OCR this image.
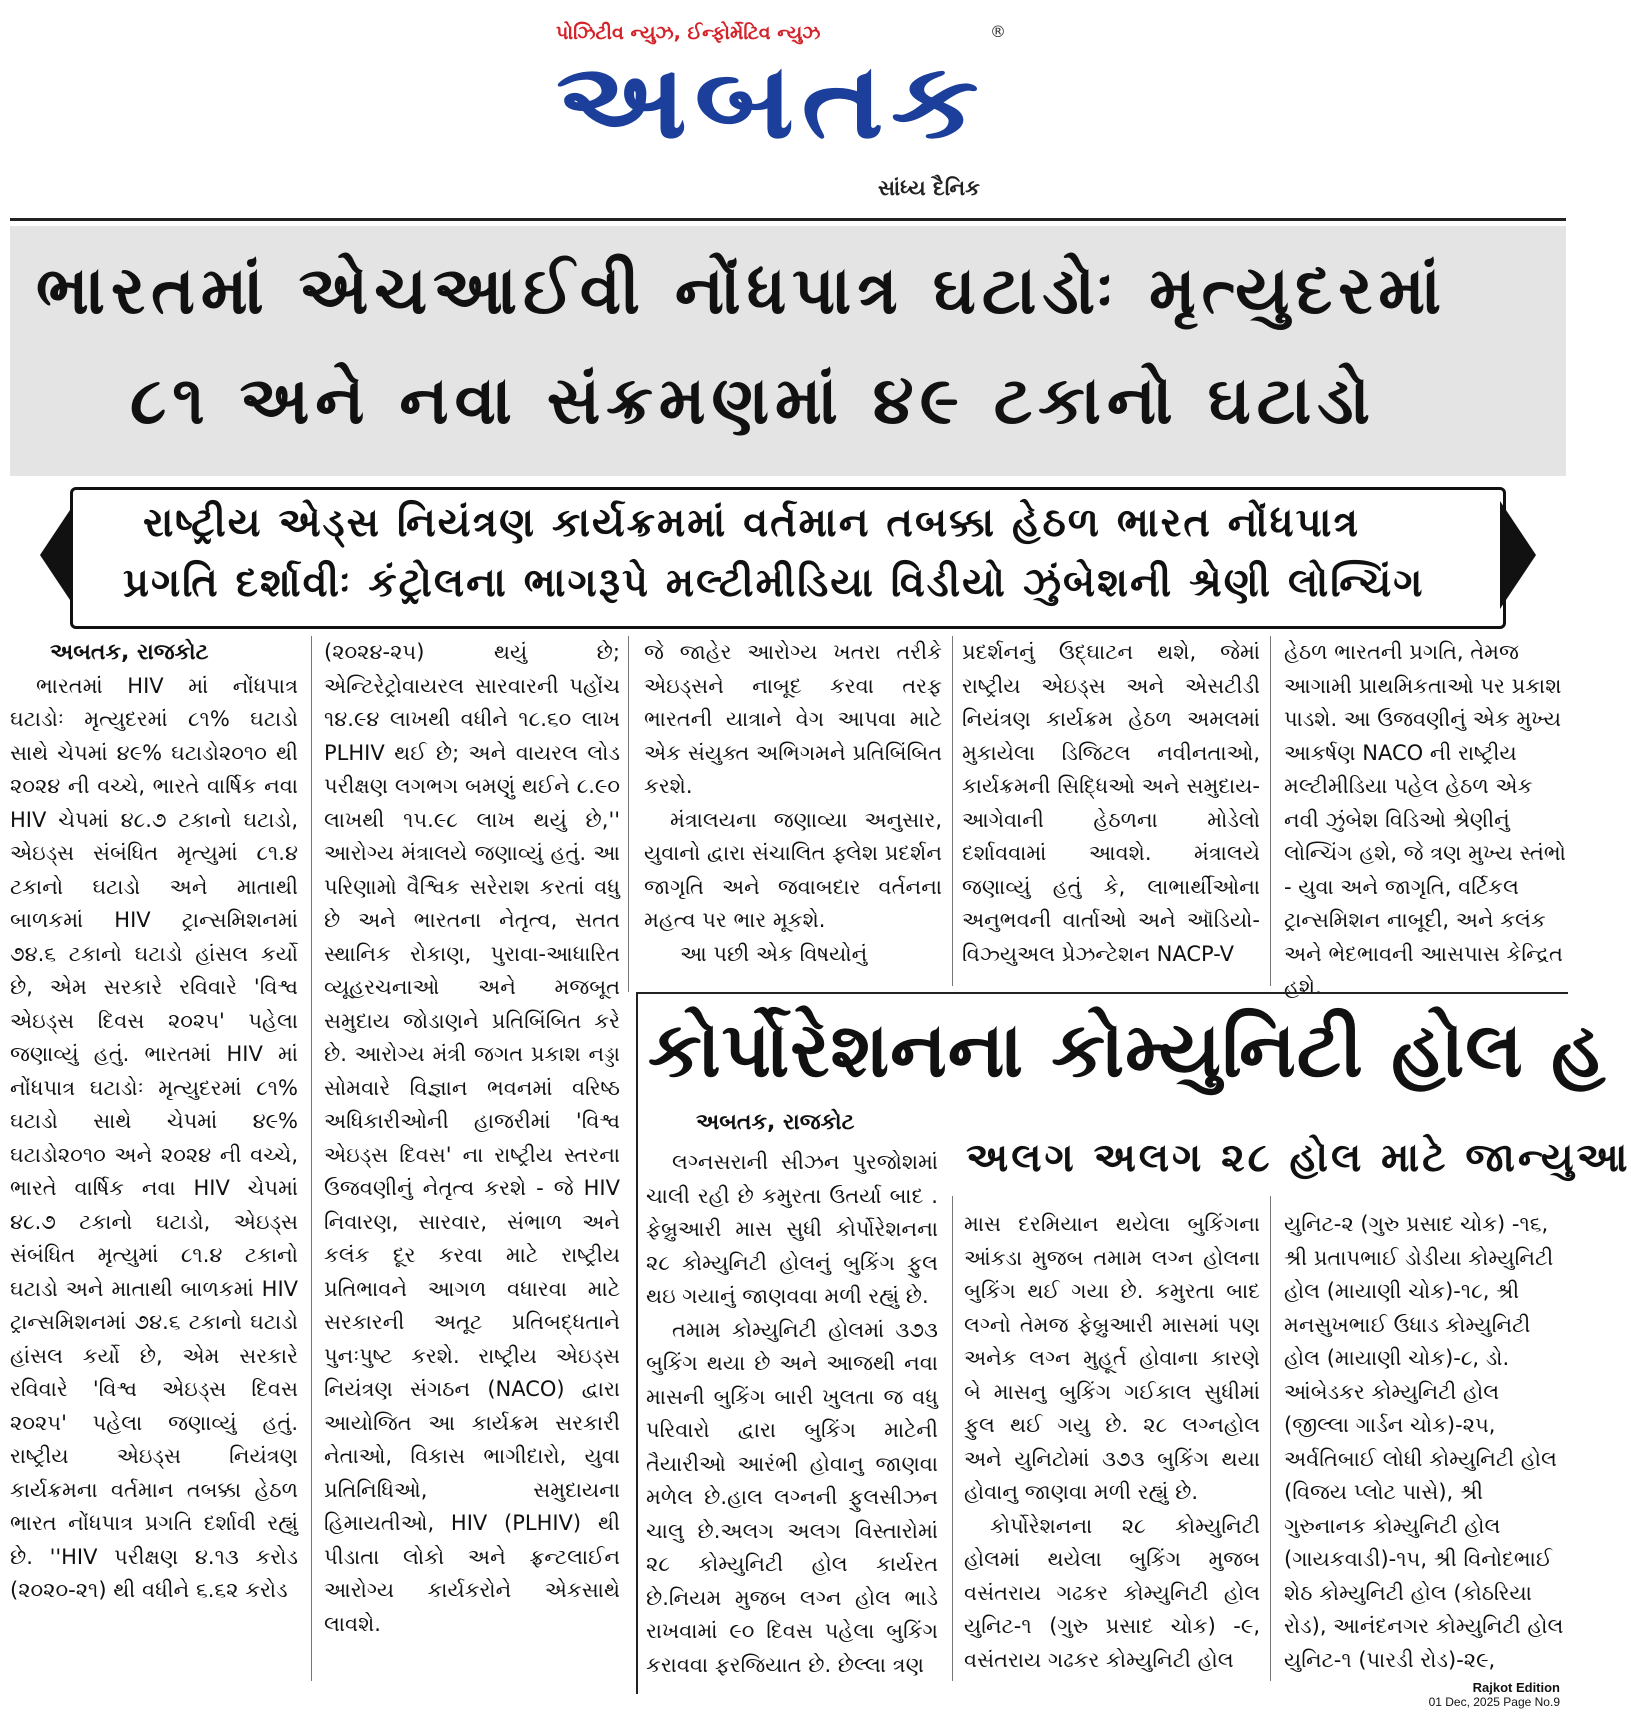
પોઝિટીવ ન્યુઝ, ઈન્ફોર્મેટિવ ન્યુઝ
અબતક
®
સાંધ્ય દૈનિક
ભારતમાં એચઆઈવી નોંધપાત્ર ઘટાડોઃ મૃત્યુદરમાં
૮૧ અને નવા સંક્રમણમાં ૪૯ ટકાનો ઘટાડો
રાષ્ટ્રીય એડ્સ નિયંત્રણ કાર્યક્રમમાં વર્તમાન તબક્કા હેઠળ ભારત નોંધપાત્ર
પ્રગતિ દર્શાવીઃ કંટ્રોલના ભાગરૂપે મલ્ટીમીડિયા વિડીયો ઝુંબેશની શ્રેણી લોન્ચિંગ
અબતક, રાજકોટ

ભારતમાં HIV માં નોંધપાત્ર ઘટાડોઃ મૃત્યુદરમાં ૮૧% ઘટાડો સાથે ચેપમાં ૪૯% ઘટાડો૨૦૧૦ થી ૨૦૨૪ ની વચ્ચે, ભારતે વાર્ષિક નવા HIV ચેપમાં ૪૮.૭ ટકાનો ઘટાડો, એઇડ્સ સંબંધિત મૃત્યુમાં ૮૧.૪ ટકાનો ઘટાડો અને માતાથી બાળકમાં HIV ટ્રાન્સમિશનમાં ૭૪.૬ ટકાનો ઘટાડો હાંસલ કર્યો છે, એમ સરકારે રવિવારે 'વિશ્વ એઇડ્સ દિવસ ૨૦૨૫' પહેલા જણાવ્યું હતું. ભારતમાં HIV માં નોંધપાત્ર ઘટાડોઃ મૃત્યુદરમાં ૮૧% ઘટાડો સાથે ચેપમાં ૪૯% ઘટાડો૨૦૧૦ અને ૨૦૨૪ ની વચ્ચે, ભારતે વાર્ષિક નવા HIV ચેપમાં ૪૮.૭ ટકાનો ઘટાડો, એઇડ્સ સંબંધિત મૃત્યુમાં ૮૧.૪ ટકાનો ઘટાડો અને માતાથી બાળકમાં HIV ટ્રાન્સમિશનમાં ૭૪.૬ ટકાનો ઘટાડો હાંસલ કર્યો છે, એમ સરકારે રવિવારે 'વિશ્વ એઇડ્સ દિવસ ૨૦૨૫' પહેલા જણાવ્યું હતું. રાષ્ટ્રીય એઇડ્સ નિયંત્રણ કાર્યક્રમના વર્તમાન તબક્કા હેઠળ ભારત નોંધપાત્ર પ્રગતિ દર્શાવી રહ્યું છે. ''HIV પરીક્ષણ ૪.૧૩ કરોડ (૨૦૨૦-૨૧) થી વધીને ૬.૬૨ કરોડ

(૨૦૨૪-૨૫) થયું છે; એન્ટિરેટ્રોવાયરલ સારવારની પહોંચ ૧૪.૯૪ લાખથી વધીને ૧૮.૬૦ લાખ PLHIV થઈ છે; અને વાયરલ લોડ પરીક્ષણ લગભગ બમણું થઈને ૮.૯૦ લાખથી ૧૫.૯૮ લાખ થયું છે,'' આરોગ્ય મંત્રાલયે જણાવ્યું હતું. આ પરિણામો વૈશ્વિક સરેરાશ કરતાં વધુ છે અને ભારતના નેતૃત્વ, સતત સ્થાનિક રોકાણ, પુરાવા-આધારિત વ્યૂહરચનાઓ અને મજબૂત સમુદાય જોડાણને પ્રતિબિંબિત કરે છે. આરોગ્ય મંત્રી જગત પ્રકાશ નડ્ડા સોમવારે વિજ્ઞાન ભવનમાં વરિષ્ઠ અધિકારીઓની હાજરીમાં 'વિશ્વ એઇડ્સ દિવસ' ના રાષ્ટ્રીય સ્તરના ઉજવણીનું નેતૃત્વ કરશે - જે HIV નિવારણ, સારવાર, સંભાળ અને કલંક દૂર કરવા માટે રાષ્ટ્રીય પ્રતિભાવને આગળ વધારવા માટે સરકારની અતૂટ પ્રતિબદ્ધતાને પુનઃપુષ્ટ કરશે. રાષ્ટ્રીય એઇડ્સ નિયંત્રણ સંગઠન (NACO) દ્વારા આયોજિત આ કાર્યક્રમ સરકારી નેતાઓ, વિકાસ ભાગીદારો, યુવા પ્રતિનિધિઓ, સમુદાયના હિમાયતીઓ, HIV (PLHIV) થી પીડાતા લોકો અને ફ્રન્ટલાઈન આરોગ્ય કાર્યકરોને એકસાથે લાવશે.

જે જાહેર આરોગ્ય ખતરા તરીકે એઇડ્સને નાબૂદ કરવા તરફ ભારતની યાત્રાને વેગ આપવા માટે એક સંયુક્ત અભિગમને પ્રતિબિંબિત કરશે.

મંત્રાલયના જણાવ્યા અનુસાર, યુવાનો દ્વારા સંચાલિત ફ્લેશ પ્રદર્શન જાગૃતિ અને જવાબદાર વર્તનના મહત્વ પર ભાર મૂકશે.

આ પછી એક વિષયોનું

પ્રદર્શનનું ઉદ્ઘાટન થશે, જેમાં રાષ્ટ્રીય એઇડ્સ અને એસટીડી નિયંત્રણ કાર્યક્રમ હેઠળ અમલમાં મુકાયેલા ડિજિટલ નવીનતાઓ, કાર્યક્રમની સિદ્ધિઓ અને સમુદાય-આગેવાની હેઠળના મોડેલો દર્શાવવામાં આવશે. મંત્રાલયે જણાવ્યું હતું કે, લાભાર્થીઓના અનુભવની વાર્તાઓ અને ઑડિયો-વિઝ્યુઅલ પ્રેઝન્ટેશન NACP-V

હેઠળ ભારતની પ્રગતિ, તેમજ આગામી પ્રાથમિકતાઓ પર પ્રકાશ પાડશે. આ ઉજવણીનું એક મુખ્ય આકર્ષણ NACO ની રાષ્ટ્રીય મલ્ટીમીડિયા પહેલ હેઠળ એક નવી ઝુંબેશ વિડિઓ શ્રેણીનું લોન્ચિંગ હશે, જે ત્રણ મુખ્ય સ્તંભો - યુવા અને જાગૃતિ, વર્ટિકલ ટ્રાન્સમિશન નાબૂદી, અને કલંક અને ભેદભાવની આસપાસ કેન્દ્રિત હશે.

કોર્પોરેશનના કોમ્યુનિટી હોલ હ
અબતક, રાજકોટ
અલગ અલગ ૨૮ હોલ માટે જાન્યુઆ

લગ્નસરાની સીઝન પુરજોશમાં ચાલી રહી છે કમુરતા ઉતર્યા બાદ . ફેબ્રુઆરી માસ સુધી કોર્પોરેશનના ૨૮ કોમ્યુનિટી હોલનું બુકિંગ ફુલ થઇ ગયાનું જાણવવા મળી રહ્યું છે.

તમામ કોમ્યુનિટી હોલમાં ૩૭૩ બુકિંગ થયા છે અને આજથી નવા માસની બુકિંગ બારી ખુલતા જ વધુ પરિવારો દ્વારા બુકિંગ માટેની તૈયારીઓ આરંભી હોવાનુ જાણવા મળેલ છે.હાલ લગ્નની ફુલસીઝન ચાલુ છે.અલગ અલગ વિસ્તારોમાં ૨૮ કોમ્યુનિટી હોલ કાર્યરત છે.નિયમ મુજબ લગ્ન હોલ ભાડે રાખવામાં ૯૦ દિવસ પહેલા બુકિંગ કરાવવા ફરજિયાત છે. છેલ્લા ત્રણ

માસ દરમિયાન થયેલા બુકિંગના આંકડા મુજબ તમામ લગ્ન હોલના બુકિંગ થઈ ગયા છે. કમુરતા બાદ લગ્નો તેમજ ફેબ્રુઆરી માસમાં પણ અનેક લગ્ન મુહૂર્ત હોવાના કારણે બે માસનુ બુકિંગ ગઈકાલ સુધીમાં ફુલ થઈ ગયુ છે. ૨૮ લગ્નહોલ અને યુનિટોમાં ૩૭૩ બુકિંગ થયા હોવાનુ જાણવા મળી રહ્યું છે.

કોર્પોરેશનના ૨૮ કોમ્યુનિટી હોલમાં થયેલા બુકિંગ મુજબ વસંતરાય ગઢકર કોમ્યુનિટી હોલ યુનિટ-૧ (ગુરુ પ્રસાદ ચોક) -૯, વસંતરાય ગઢકર કોમ્યુનિટી હોલ

યુનિટ-૨ (ગુરુ પ્રસાદ ચોક) -૧૬, શ્રી પ્રતાપભાઈ ડોડીયા કોમ્યુનિટી હોલ (માયાણી ચોક)-૧૮, શ્રી મનસુખભાઈ ઉધાડ કોમ્યુનિટી હોલ (માયાણી ચોક)-૮, ડો. આંબેડકર કોમ્યુનિટી હોલ (જીલ્લા ગાર્ડન ચોક)-૨૫, અર્વતિબાઈ લોધી કોમ્યુનિટી હોલ (વિજય પ્લોટ પાસે), શ્રી ગુરુનાનક કોમ્યુનિટી હોલ (ગાયકવાડી)-૧૫, શ્રી વિનોદભાઈ શેઠ કોમ્યુનિટી હોલ (કોઠરિયા રોડ), આનંદનગર કોમ્યુનિટી હોલ યુનિટ-૧ (પારડી રોડ)-૨૯,

Rajkot Edition
01 Dec, 2025 Page No.9
